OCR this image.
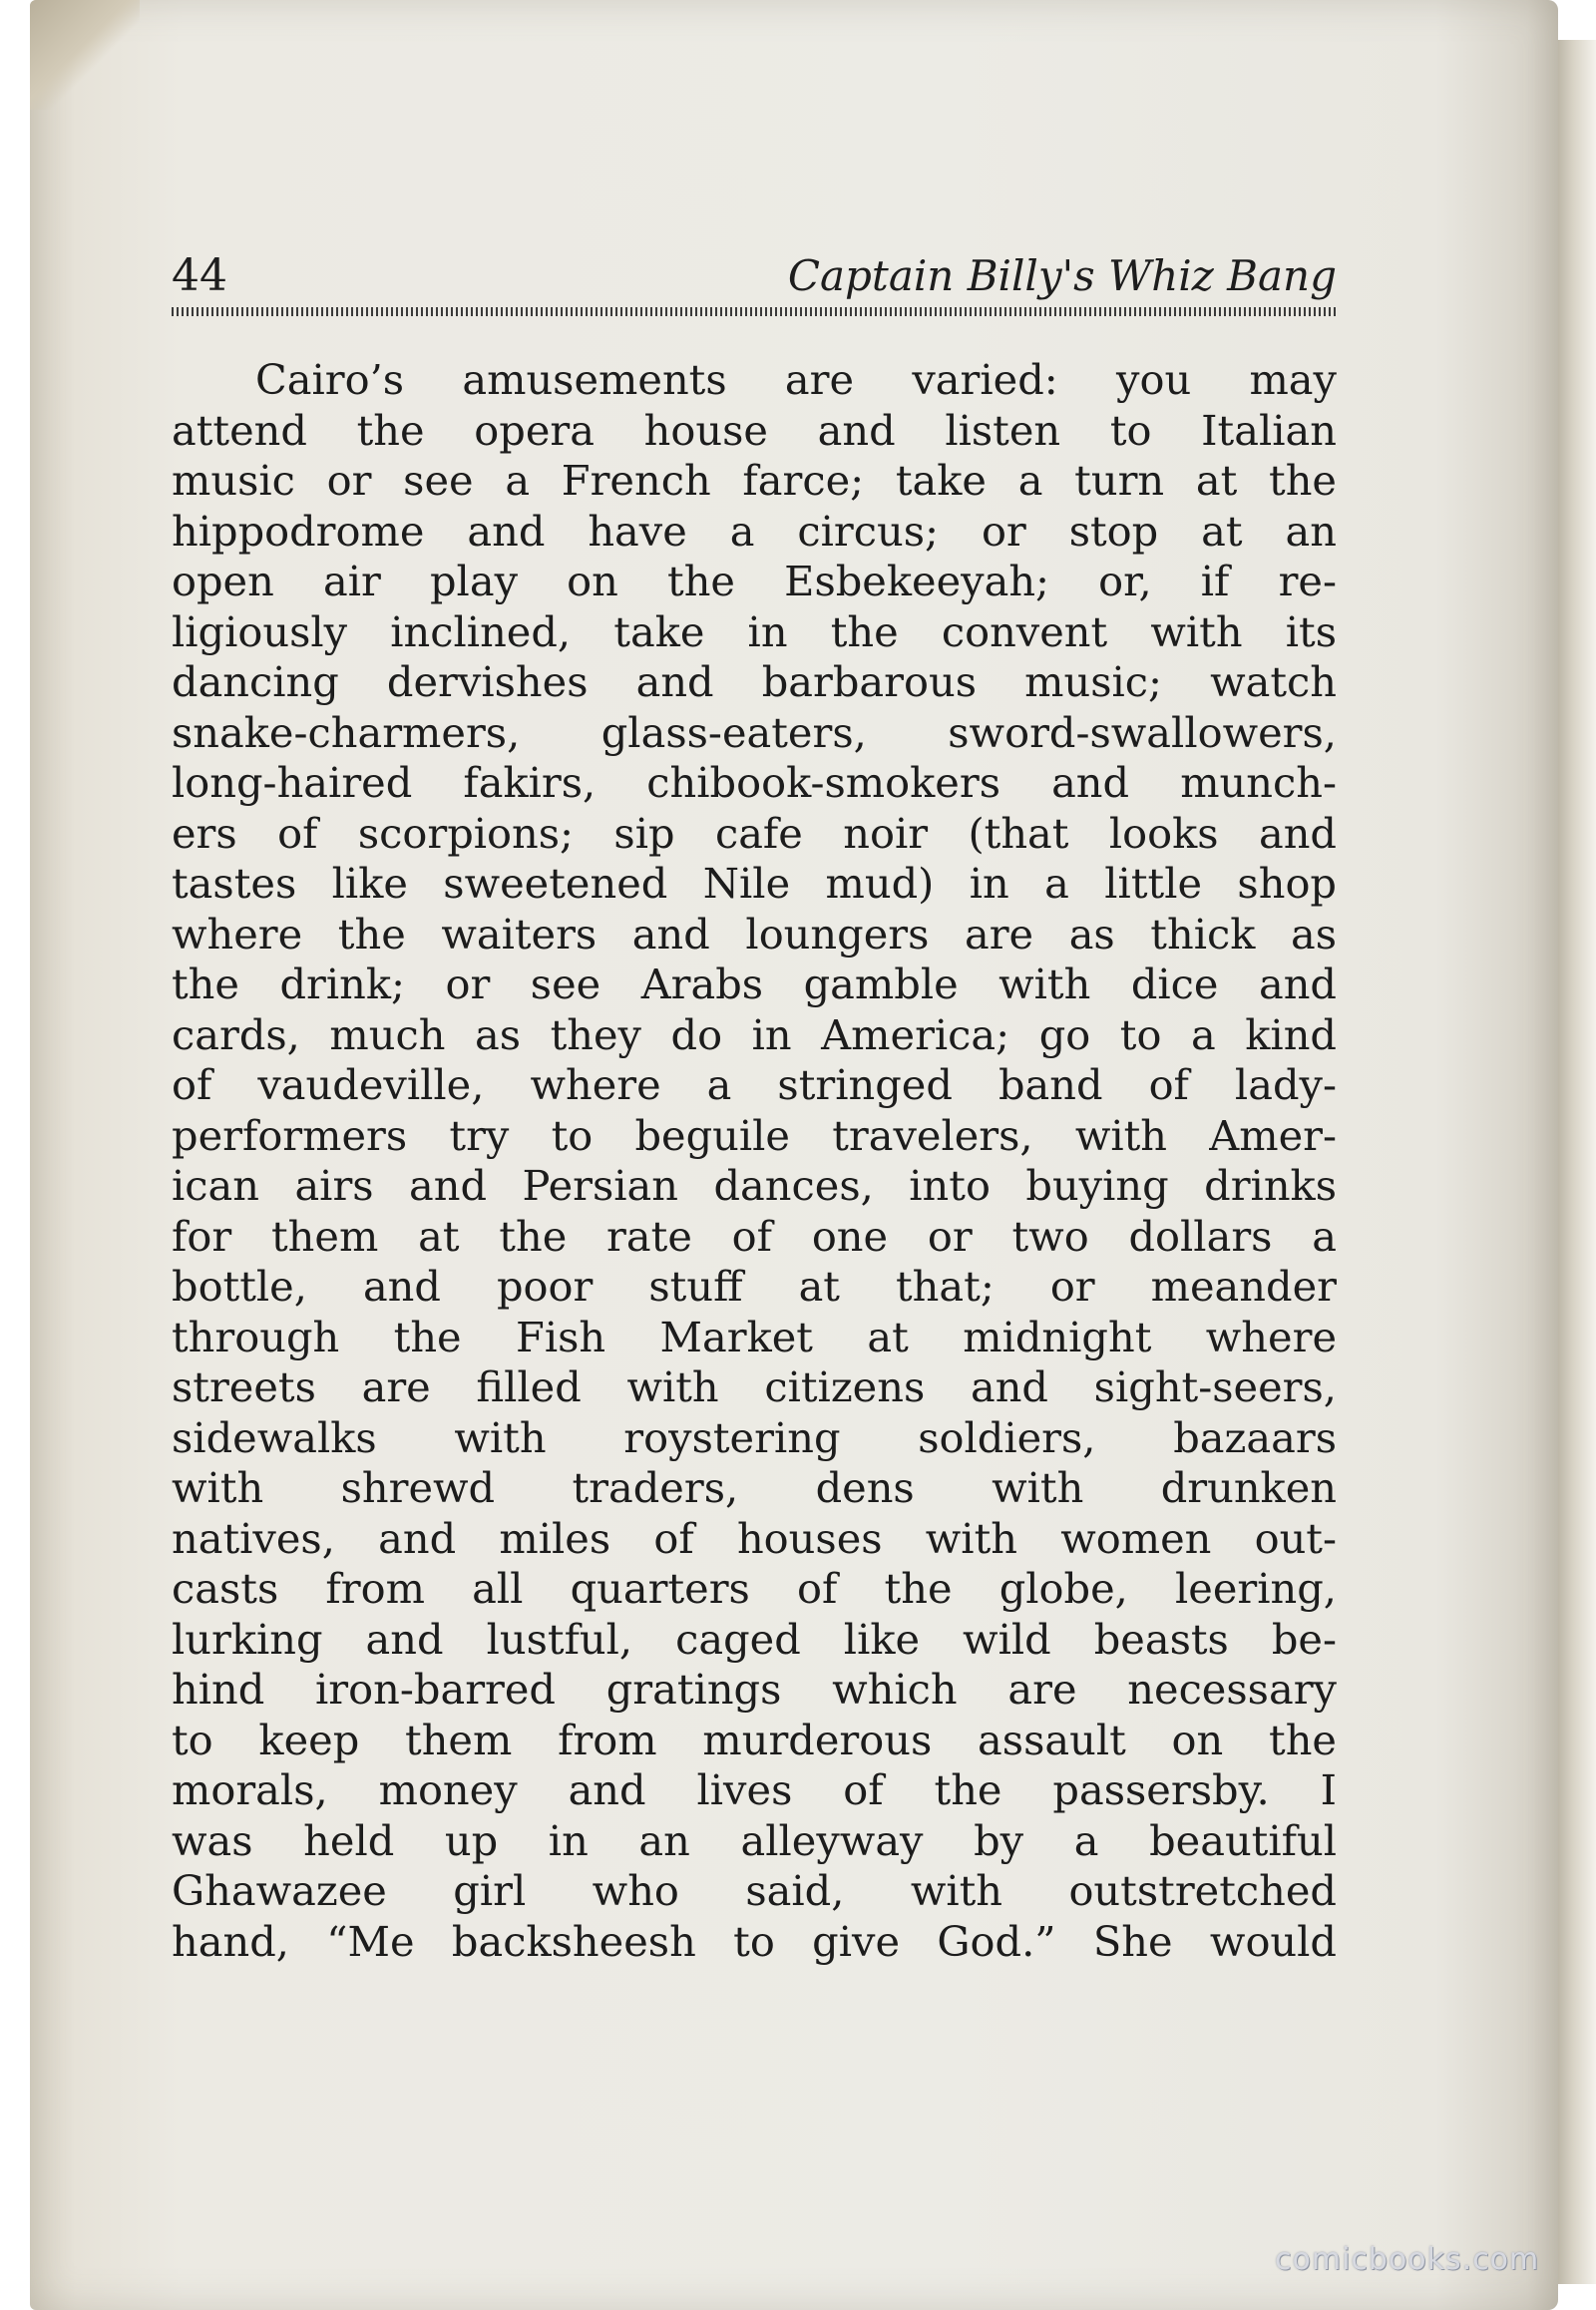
44	Captain Billy's Whiz Bang
Cairo’s amusements are varied: you may
attend the opera house and listen to Italian
music or see a French farce; take a turn at the
hippodrome and have a circus; or stop at an
open air play on the Esbekeeyah; or, if re-
ligiously inclined, take in the convent with its
dancing dervishes and barbarous music; watch
snake-charmers, glass-eaters, sword-swallowers,
long-haired fakirs, chibook-smokers and munch-
ers of scorpions; sip cafe noir (that looks and
tastes like sweetened Nile mud) in a little shop
where the waiters and loungers are as thick as
the drink; or see Arabs gamble with dice and
cards, much as they do in America; go to a kind
of vaudeville, where a stringed band of lady-
performers try to beguile travelers, with Amer-
ican airs and Persian dances, into buying drinks
for them at the rate of one or two dollars a
bottle, and poor stuff at that; or meander
through the Fish Market at midnight where
streets are filled with citizens and sight-seers,
sidewalks with roystering soldiers, bazaars
with shrewd traders, dens with drunken
natives, and miles of houses with women out-
casts from all quarters of the globe, leering,
lurking and lustful, caged like wild beasts be-
hind iron-barred gratings which are necessary
to keep them from murderous assault on the
morals, money and lives of the passersby. I
was held up in an alleyway by a beautiful
Ghawazee girl who said, with outstretched
hand, “Me backsheesh to give God.” She would
comicbooks.com
